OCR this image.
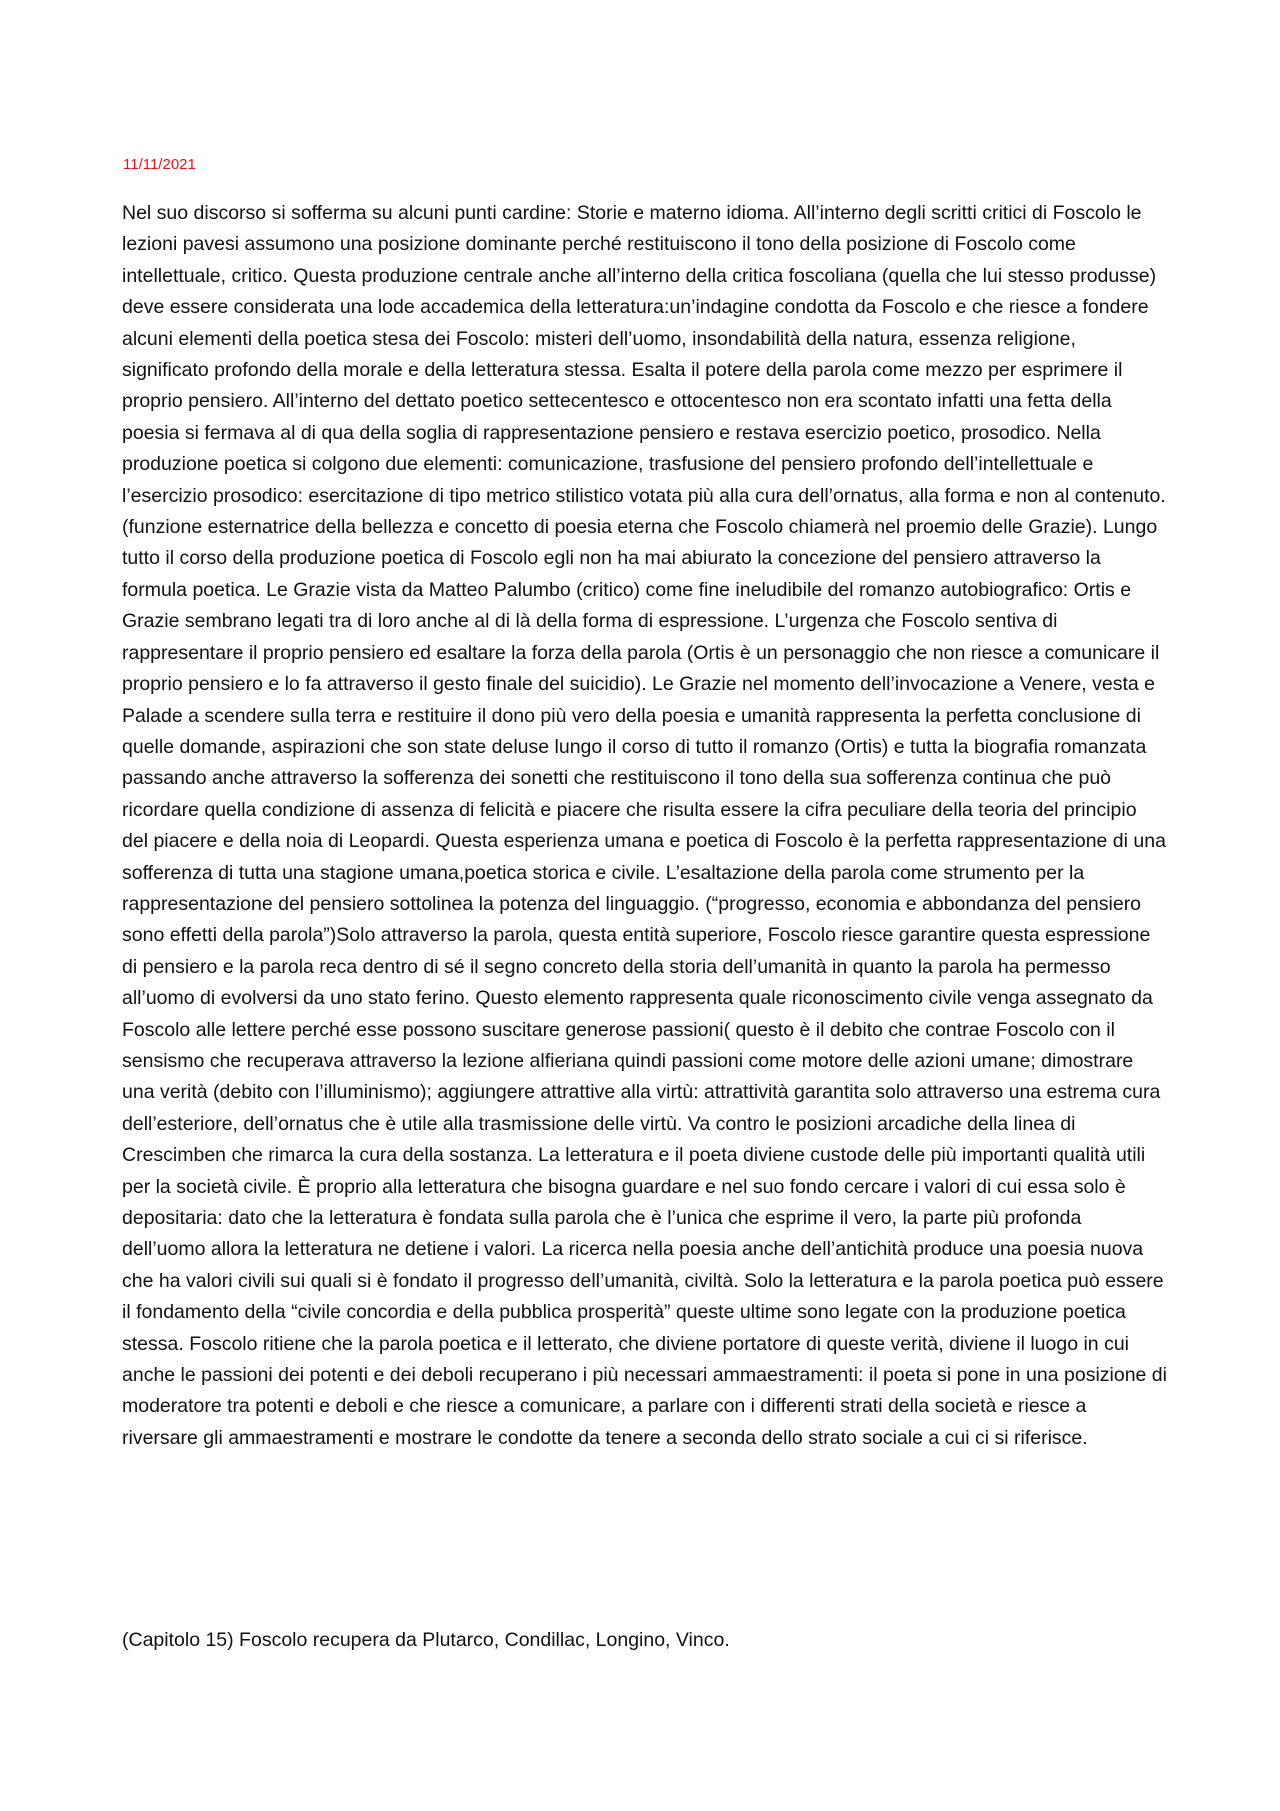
11/11/2021

Nel suo discorso si sofferma su alcuni punti cardine: Storie e materno idioma. All’interno degli scritti critici di Foscolo le lezioni pavesi assumono una posizione dominante perché restituiscono il tono della posizione di Foscolo come intellettuale, critico. Questa produzione centrale anche all’interno della critica foscoliana (quella che lui stesso produsse) deve essere considerata una lode accademica della letteratura:un’indagine condotta da Foscolo e che riesce a fondere alcuni elementi della poetica stesa dei Foscolo: misteri dell’uomo, insondabilità della natura, essenza religione, significato profondo della morale e della letteratura stessa. Esalta il potere della parola come mezzo per esprimere il proprio pensiero. All’interno del dettato poetico settecentesco e ottocentesco non era scontato infatti una fetta della poesia si fermava al di qua della soglia di rappresentazione pensiero e restava esercizio poetico, prosodico. Nella produzione poetica si colgono due elementi: comunicazione, trasfusione del pensiero profondo dell’intellettuale e l’esercizio prosodico: esercitazione di tipo metrico stilistico votata più alla cura dell’ornatus, alla forma e non al contenuto. (funzione esternatrice della bellezza e concetto di poesia eterna che Foscolo chiamerà nel proemio delle Grazie). Lungo tutto il corso della produzione poetica di Foscolo egli non ha mai abiurato la concezione del pensiero attraverso la formula poetica. Le Grazie vista da Matteo Palumbo (critico) come fine ineludibile del romanzo autobiografico: Ortis e Grazie sembrano legati tra di loro anche al di là della forma di espressione. L’urgenza che Foscolo sentiva di rappresentare il proprio pensiero ed esaltare la forza della parola (Ortis è un personaggio che non riesce a comunicare il proprio pensiero e lo fa attraverso il gesto finale del suicidio). Le Grazie nel momento dell’invocazione a Venere, vesta e Palade a scendere sulla terra e restituire il dono più vero della poesia e umanità rappresenta la perfetta conclusione di quelle domande, aspirazioni che son state deluse lungo il corso di tutto il romanzo (Ortis) e tutta la biografia romanzata passando anche attraverso la sofferenza dei sonetti che restituiscono il tono della sua sofferenza continua che può ricordare quella condizione di assenza di felicità e piacere che risulta essere la cifra peculiare della teoria del principio del piacere e della noia di Leopardi. Questa esperienza umana e poetica di Foscolo è la perfetta rappresentazione di una sofferenza di tutta una stagione umana,poetica storica e civile. L’esaltazione della parola come strumento per la rappresentazione del pensiero sottolinea la potenza del linguaggio. (“progresso, economia e abbondanza del pensiero sono effetti della parola”)Solo attraverso la parola, questa entità superiore, Foscolo riesce garantire questa espressione di pensiero e la parola reca dentro di sé il segno concreto della storia dell’umanità in quanto la parola ha permesso all’uomo di evolversi da uno stato ferino. Questo elemento rappresenta quale riconoscimento civile venga assegnato da Foscolo alle lettere perché esse possono suscitare generose passioni( questo è il debito che contrae Foscolo con il sensismo che recuperava attraverso la lezione alfieriana quindi passioni come motore delle azioni umane; dimostrare una verità (debito con l’illuminismo); aggiungere attrattive alla virtù: attrattività garantita solo attraverso una estrema cura dell’esteriore, dell’ornatus che è utile alla trasmissione delle virtù. Va contro le posizioni arcadiche della linea di Crescimben che rimarca la cura della sostanza. La letteratura e il poeta diviene custode delle più importanti qualità utili per la società civile. È proprio alla letteratura che bisogna guardare e nel suo fondo cercare i valori di cui essa solo è depositaria: dato che la letteratura è fondata sulla parola che è l’unica che esprime il vero, la parte più profonda dell’uomo allora la letteratura ne detiene i valori. La ricerca nella poesia anche dell’antichità produce una poesia nuova che ha valori civili sui quali si è fondato il progresso dell’umanità, civiltà. Solo la letteratura e la parola poetica può essere il fondamento della “civile concordia e della pubblica prosperità” queste ultime sono legate con la produzione poetica stessa. Foscolo ritiene che la parola poetica e il letterato, che diviene portatore di queste verità, diviene il luogo in cui anche le passioni dei potenti e dei deboli recuperano i più necessari ammaestramenti: il poeta si pone in una posizione di moderatore tra potenti e deboli e che riesce a comunicare, a parlare con i differenti strati della società e riesce a riversare gli ammaestramenti e mostrare le condotte da tenere a seconda dello strato sociale a cui ci si riferisce.

(Capitolo 15) Foscolo recupera da Plutarco, Condillac, Longino, Vinco.
